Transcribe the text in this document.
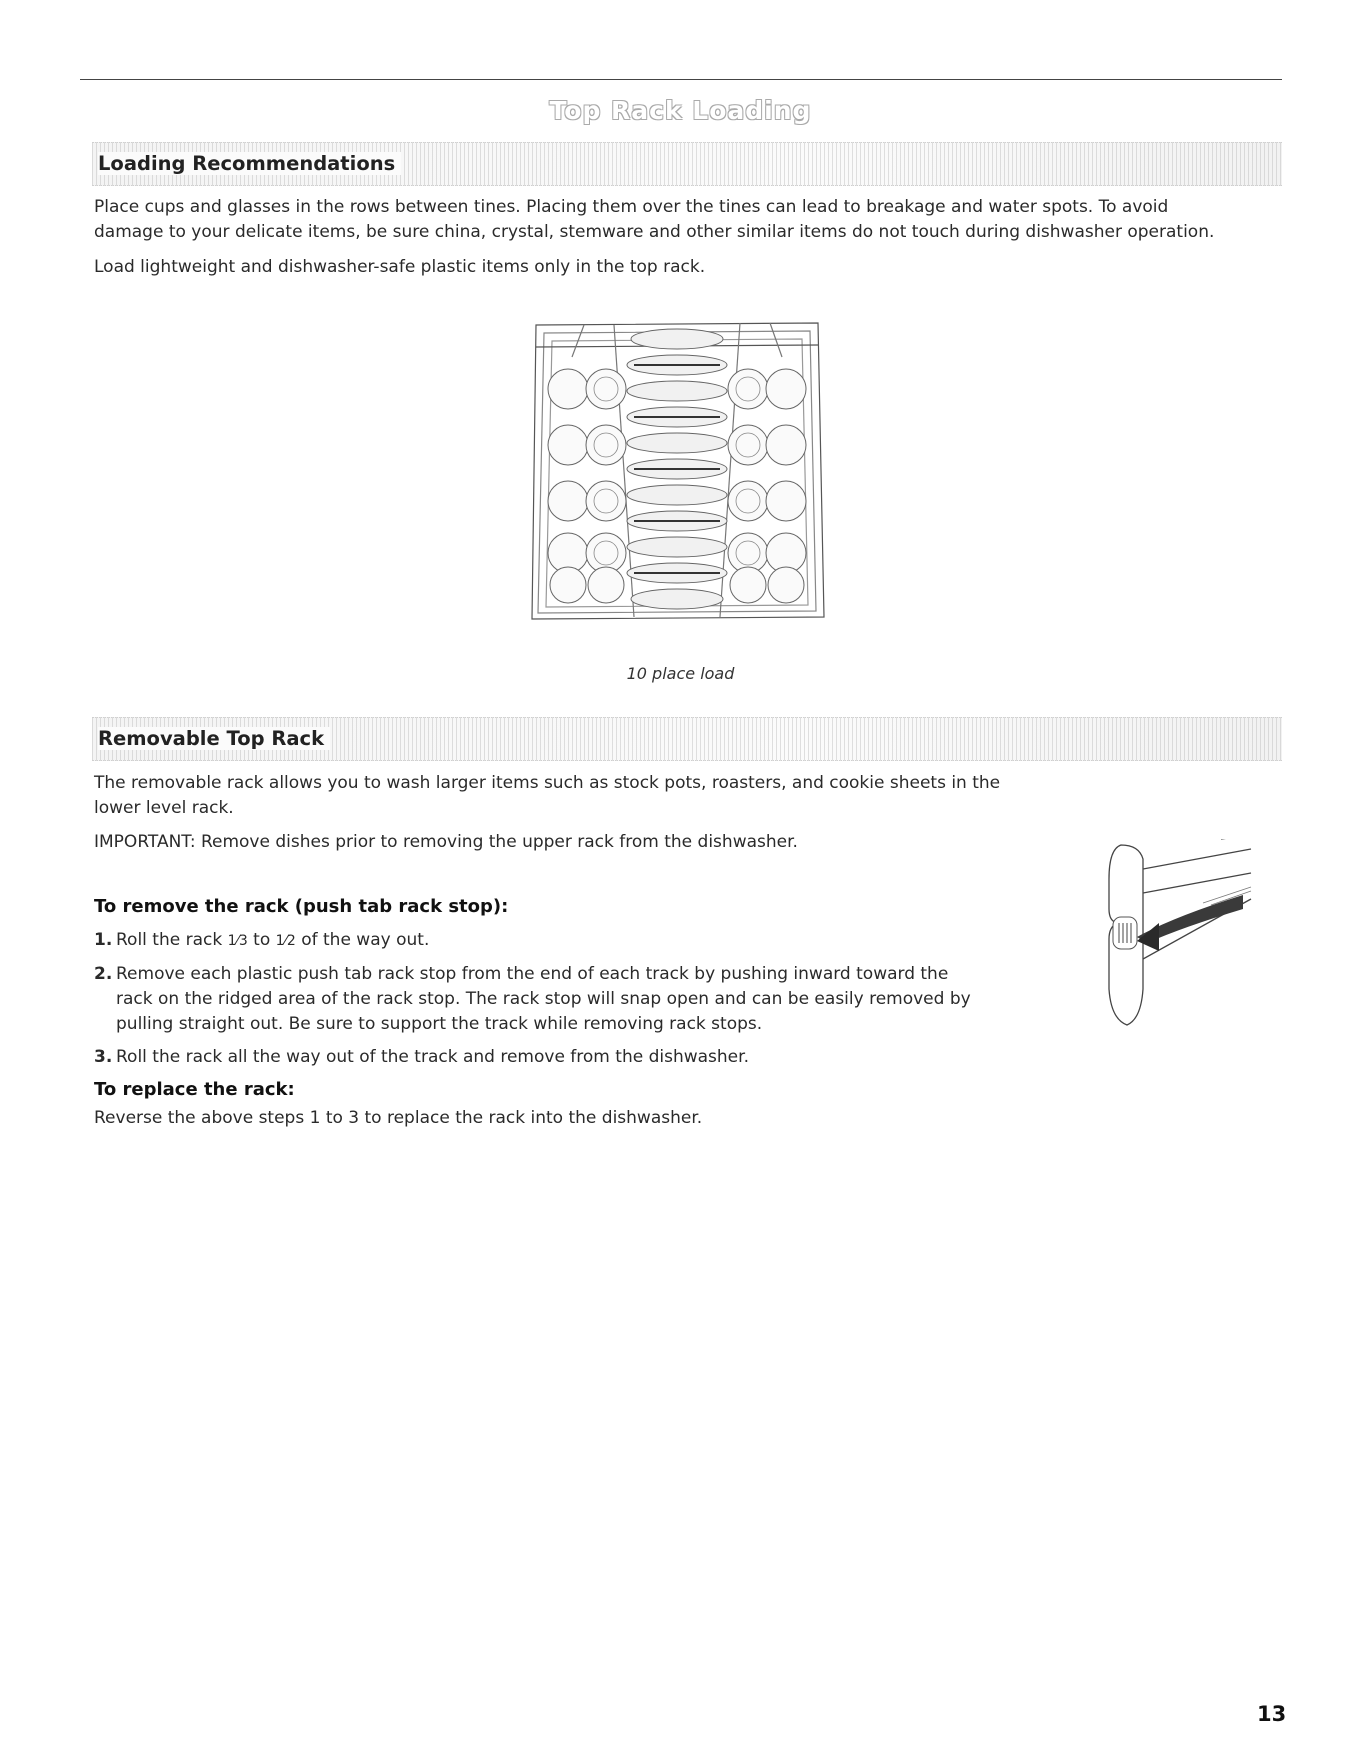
Top Rack Loading
Loading Recommendations

Place cups and glasses in the rows between tines. Placing them over the tines can lead to breakage and water spots. To avoid
damage to your delicate items, be sure china, crystal, stemware and other similar items do not touch during dishwasher operation.

Load lightweight and dishwasher-safe plastic items only in the top rack.

10 place load
Removable Top Rack

The removable rack allows you to wash larger items such as stock pots, roasters, and cookie sheets in the
lower level rack.

IMPORTANT: Remove dishes prior to removing the upper rack from the dishwasher.

To remove the rack (push tab rack stop):
1. Roll the rack 1⁄3 to 1⁄2 of the way out.
2. Remove each plastic push tab rack stop from the end of each track by pushing inward toward the
rack on the ridged area of the rack stop. The rack stop will snap open and can be easily removed by
pulling straight out. Be sure to support the track while removing rack stops.
3. Roll the rack all the way out of the track and remove from the dishwasher.
To replace the rack:

Reverse the above steps 1 to 3 to replace the rack into the dishwasher.

13
